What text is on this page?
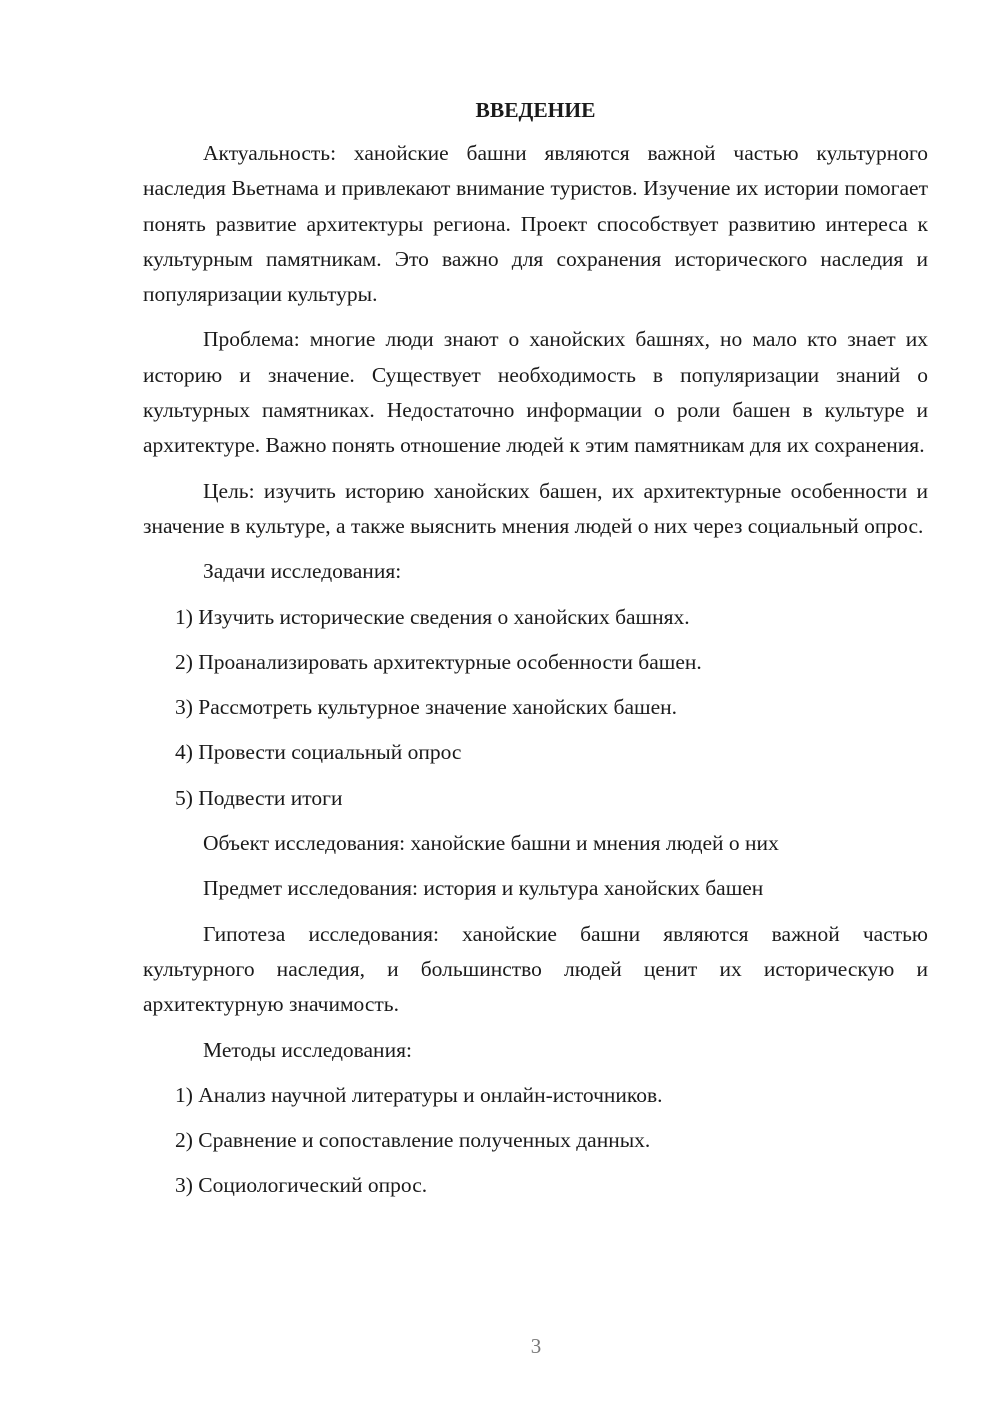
ВВЕДЕНИЕ

Актуальность: ханойские башни являются важной частью культурного наследия Вьетнама и привлекают внимание туристов. Изучение их истории помогает понять развитие архитектуры региона. Проект способствует развитию интереса к культурным памятникам. Это важно для сохранения исторического наследия и популяризации культуры.

Проблема: многие люди знают о ханойских башнях, но мало кто знает их историю и значение. Существует необходимость в популяризации знаний о культурных памятниках. Недостаточно информации о роли башен в культуре и архитектуре. Важно понять отношение людей к этим памятникам для их сохранения.

Цель: изучить историю ханойских башен, их архитектурные особенности и значение в культуре, а также выяснить мнения людей о них через социальный опрос.

Задачи исследования:

1) Изучить исторические сведения о ханойских башнях.

2) Проанализировать архитектурные особенности башен.

3) Рассмотреть культурное значение ханойских башен.

4) Провести социальный опрос

5) Подвести итоги

Объект исследования: ханойские башни и мнения людей о них

Предмет исследования: история и культура ханойских башен

Гипотеза исследования: ханойские башни являются важной частью культурного наследия, и большинство людей ценит их историческую и архитектурную значимость.

Методы исследования:

1) Анализ научной литературы и онлайн-источников.

2) Сравнение и сопоставление полученных данных.

3) Социологический опрос.

3
